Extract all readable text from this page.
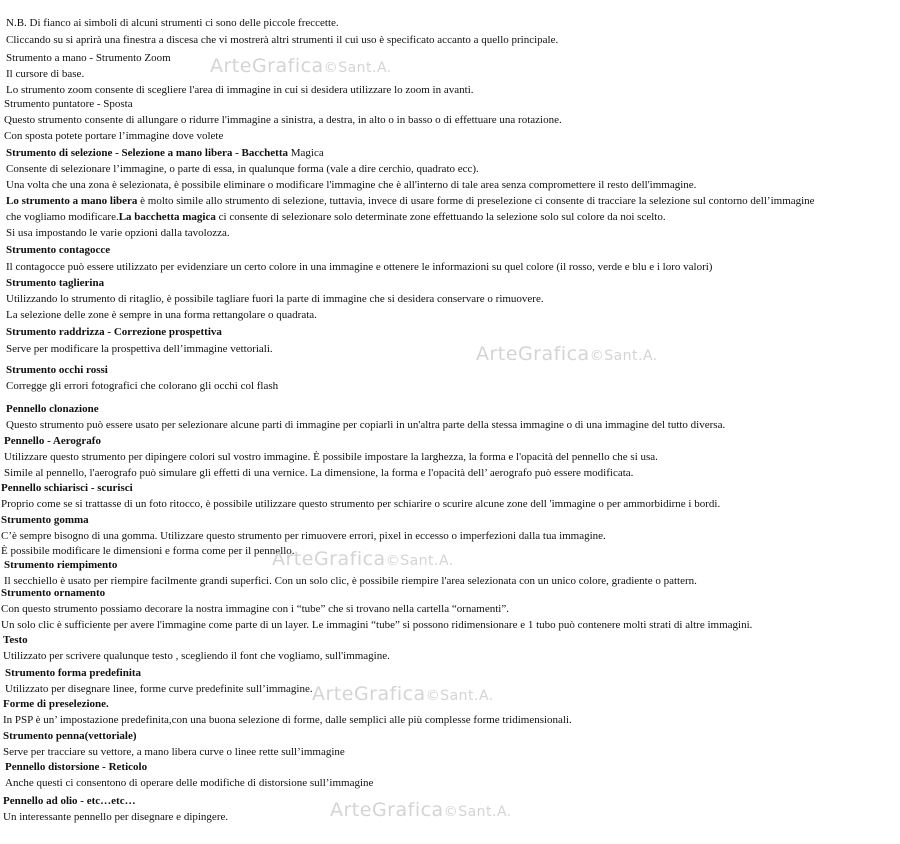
N.B. Di fianco ai simboli di alcuni strumenti ci sono delle piccole freccette.
Cliccando su si aprirà una finestra a discesa che vi mostrerà altri strumenti il cui uso è specificato accanto a quello principale.
Strumento a mano - Strumento Zoom
Il cursore di base.
Lo strumento zoom consente di scegliere l'area di immagine in cui si desidera utilizzare lo zoom in avanti.
Strumento puntatore - Sposta
Questo strumento consente di allungare o ridurre l'immagine a sinistra, a destra, in alto o in basso o di effettuare una rotazione.
Con sposta potete portare l’immagine dove volete
Strumento di selezione - Selezione a mano libera - Bacchetta Magica
Consente di selezionare l’immagine, o parte di essa, in qualunque forma (vale a dire cerchio, quadrato ecc).
Una volta che una zona è selezionata, è possibile eliminare o modificare l'immagine che è all'interno di tale area senza compromettere il resto dell'immagine.
Lo strumento a mano libera è molto simile allo strumento di selezione, tuttavia, invece di usare forme di preselezione ci consente di tracciare la selezione sul contorno dell’immagine
che vogliamo modificare.La bacchetta magica ci consente di selezionare solo determinate zone effettuando la selezione solo sul colore da noi scelto.
Si usa impostando le varie opzioni dalla tavolozza.
Strumento contagocce
Il contagocce può essere utilizzato per evidenziare un certo colore in una immagine e ottenere le informazioni su quel colore (il rosso, verde e blu e i loro valori)
Strumento taglierina
Utilizzando lo strumento di ritaglio, è possibile tagliare fuori la parte di immagine che si desidera conservare o rimuovere.
La selezione delle zone è sempre in una forma rettangolare o quadrata.
Strumento raddrizza - Correzione prospettiva
Serve per modificare la prospettiva dell’immagine vettoriali.
Strumento occhi rossi
Corregge gli errori fotografici che colorano gli occhi col flash
Pennello clonazione
Questo strumento può essere usato per selezionare alcune parti di immagine per copiarli in un'altra parte della stessa immagine o di una immagine del tutto diversa.
Pennello - Aerografo
Utilizzare questo strumento per dipingere colori sul vostro immagine. È possibile impostare la larghezza, la forma e l'opacità del pennello che si usa.
Simile al pennello, l'aerografo può simulare gli effetti di una vernice. La dimensione, la forma e l'opacità dell’ aerografo può essere modificata.
Pennello schiarisci - scurisci
Proprio come se si trattasse di un foto ritocco, è possibile utilizzare questo strumento per schiarire o scurire alcune zone dell 'immagine o per ammorbidirne i bordi.
Strumento gomma
C’è sempre bisogno di una gomma. Utilizzare questo strumento per rimuovere errori, pixel in eccesso o imperfezioni dalla tua immagine.
È possibile modificare le dimensioni e forma come per il pennello.
Strumento riempimento
Il secchiello è usato per riempire facilmente grandi superfici. Con un solo clic, è possibile riempire l'area selezionata con un unico colore, gradiente o pattern.
Strumento ornamento
Con questo strumento possiamo decorare la nostra immagine con i “tube” che si trovano nella cartella “ornamenti”.
Un solo clic è sufficiente per avere l'immagine come parte di un layer. Le immagini “tube” si possono ridimensionare e 1 tubo può contenere molti strati di altre immagini.
Testo
Utilizzato per scrivere qualunque testo , scegliendo il font che vogliamo, sull'immagine.
Strumento forma predefinita
Utilizzato per disegnare linee, forme curve predefinite sull’immagine.
Forme di preselezione.
In PSP è un’ impostazione predefinita,con una buona selezione di forme, dalle semplici alle più complesse forme tridimensionali.
Strumento penna(vettoriale)
Serve per tracciare su vettore, a mano libera curve o linee rette sull’immagine
Pennello distorsione - Reticolo
Anche questi ci consentono di operare delle modifiche di distorsione sull’immagine
Pennello ad olio - etc…etc…
Un interessante pennello per disegnare e dipingere.
ArteGrafica©Sant.A.
ArteGrafica©Sant.A.
ArteGrafica©Sant.A.
ArteGrafica©Sant.A.
ArteGrafica©Sant.A.
